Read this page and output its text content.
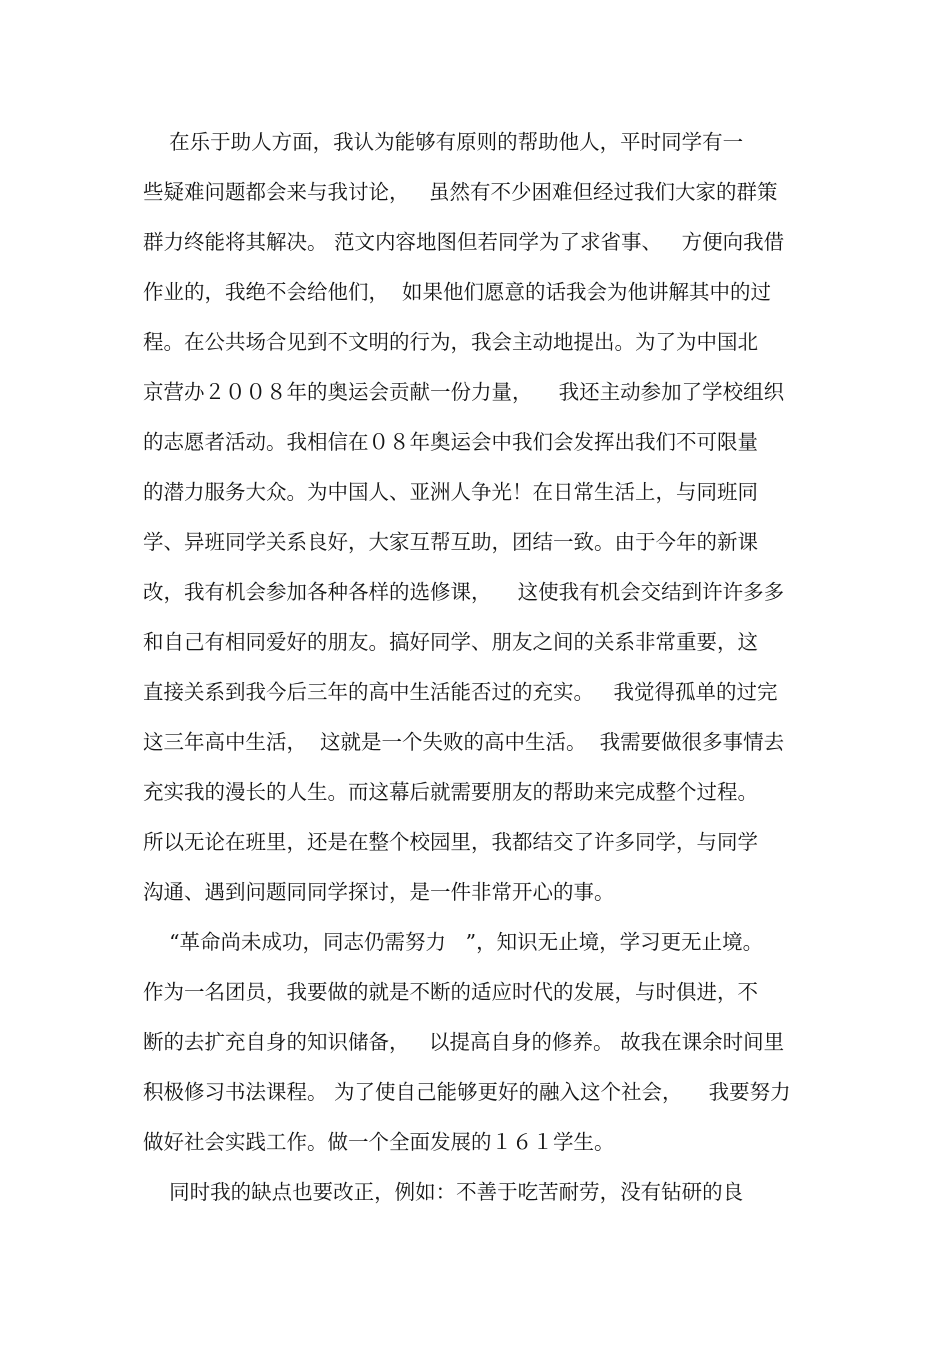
在乐于助人方面，我认为能够有原则的帮助他人，平时同学有一
些疑难问题都会来与我讨论，   虽然有不少困难但经过我们大家的群策
群力终能将其解决。 范文内容地图但若同学为了求省事、   方便向我借
作业的，我绝不会给他们，  如果他们愿意的话我会为他讲解其中的过
程。在公共场合见到不文明的行为，我会主动地提出。为了为中国北
京营办２００８年的奥运会贡献一份力量，    我还主动参加了学校组织
的志愿者活动。我相信在０８年奥运会中我们会发挥出我们不可限量
的潜力服务大众。为中国人、亚洲人争光！在日常生活上，与同班同
学、异班同学关系良好，大家互帮互助，团结一致。由于今年的新课
改，我有机会参加各种各样的选修课，    这使我有机会交结到许许多多
和自己有相同爱好的朋友。搞好同学、朋友之间的关系非常重要，这
直接关系到我今后三年的高中生活能否过的充实。   我觉得孤单的过完
这三年高中生活，  这就是一个失败的高中生活。  我需要做很多事情去
充实我的漫长的人生。而这幕后就需要朋友的帮助来完成整个过程。
所以无论在班里，还是在整个校园里，我都结交了许多同学，与同学
沟通、遇到问题同同学探讨，是一件非常开心的事。
“革命尚未成功，同志仍需努力   ”，知识无止境，学习更无止境。
作为一名团员，我要做的就是不断的适应时代的发展，与时俱进，不
断的去扩充自身的知识储备，   以提高自身的修养。 故我在课余时间里
积极修习书法课程。 为了使自己能够更好的融入这个社会，    我要努力
做好社会实践工作。做一个全面发展的１６１学生。
同时我的缺点也要改正，例如：不善于吃苦耐劳，没有钻研的良
